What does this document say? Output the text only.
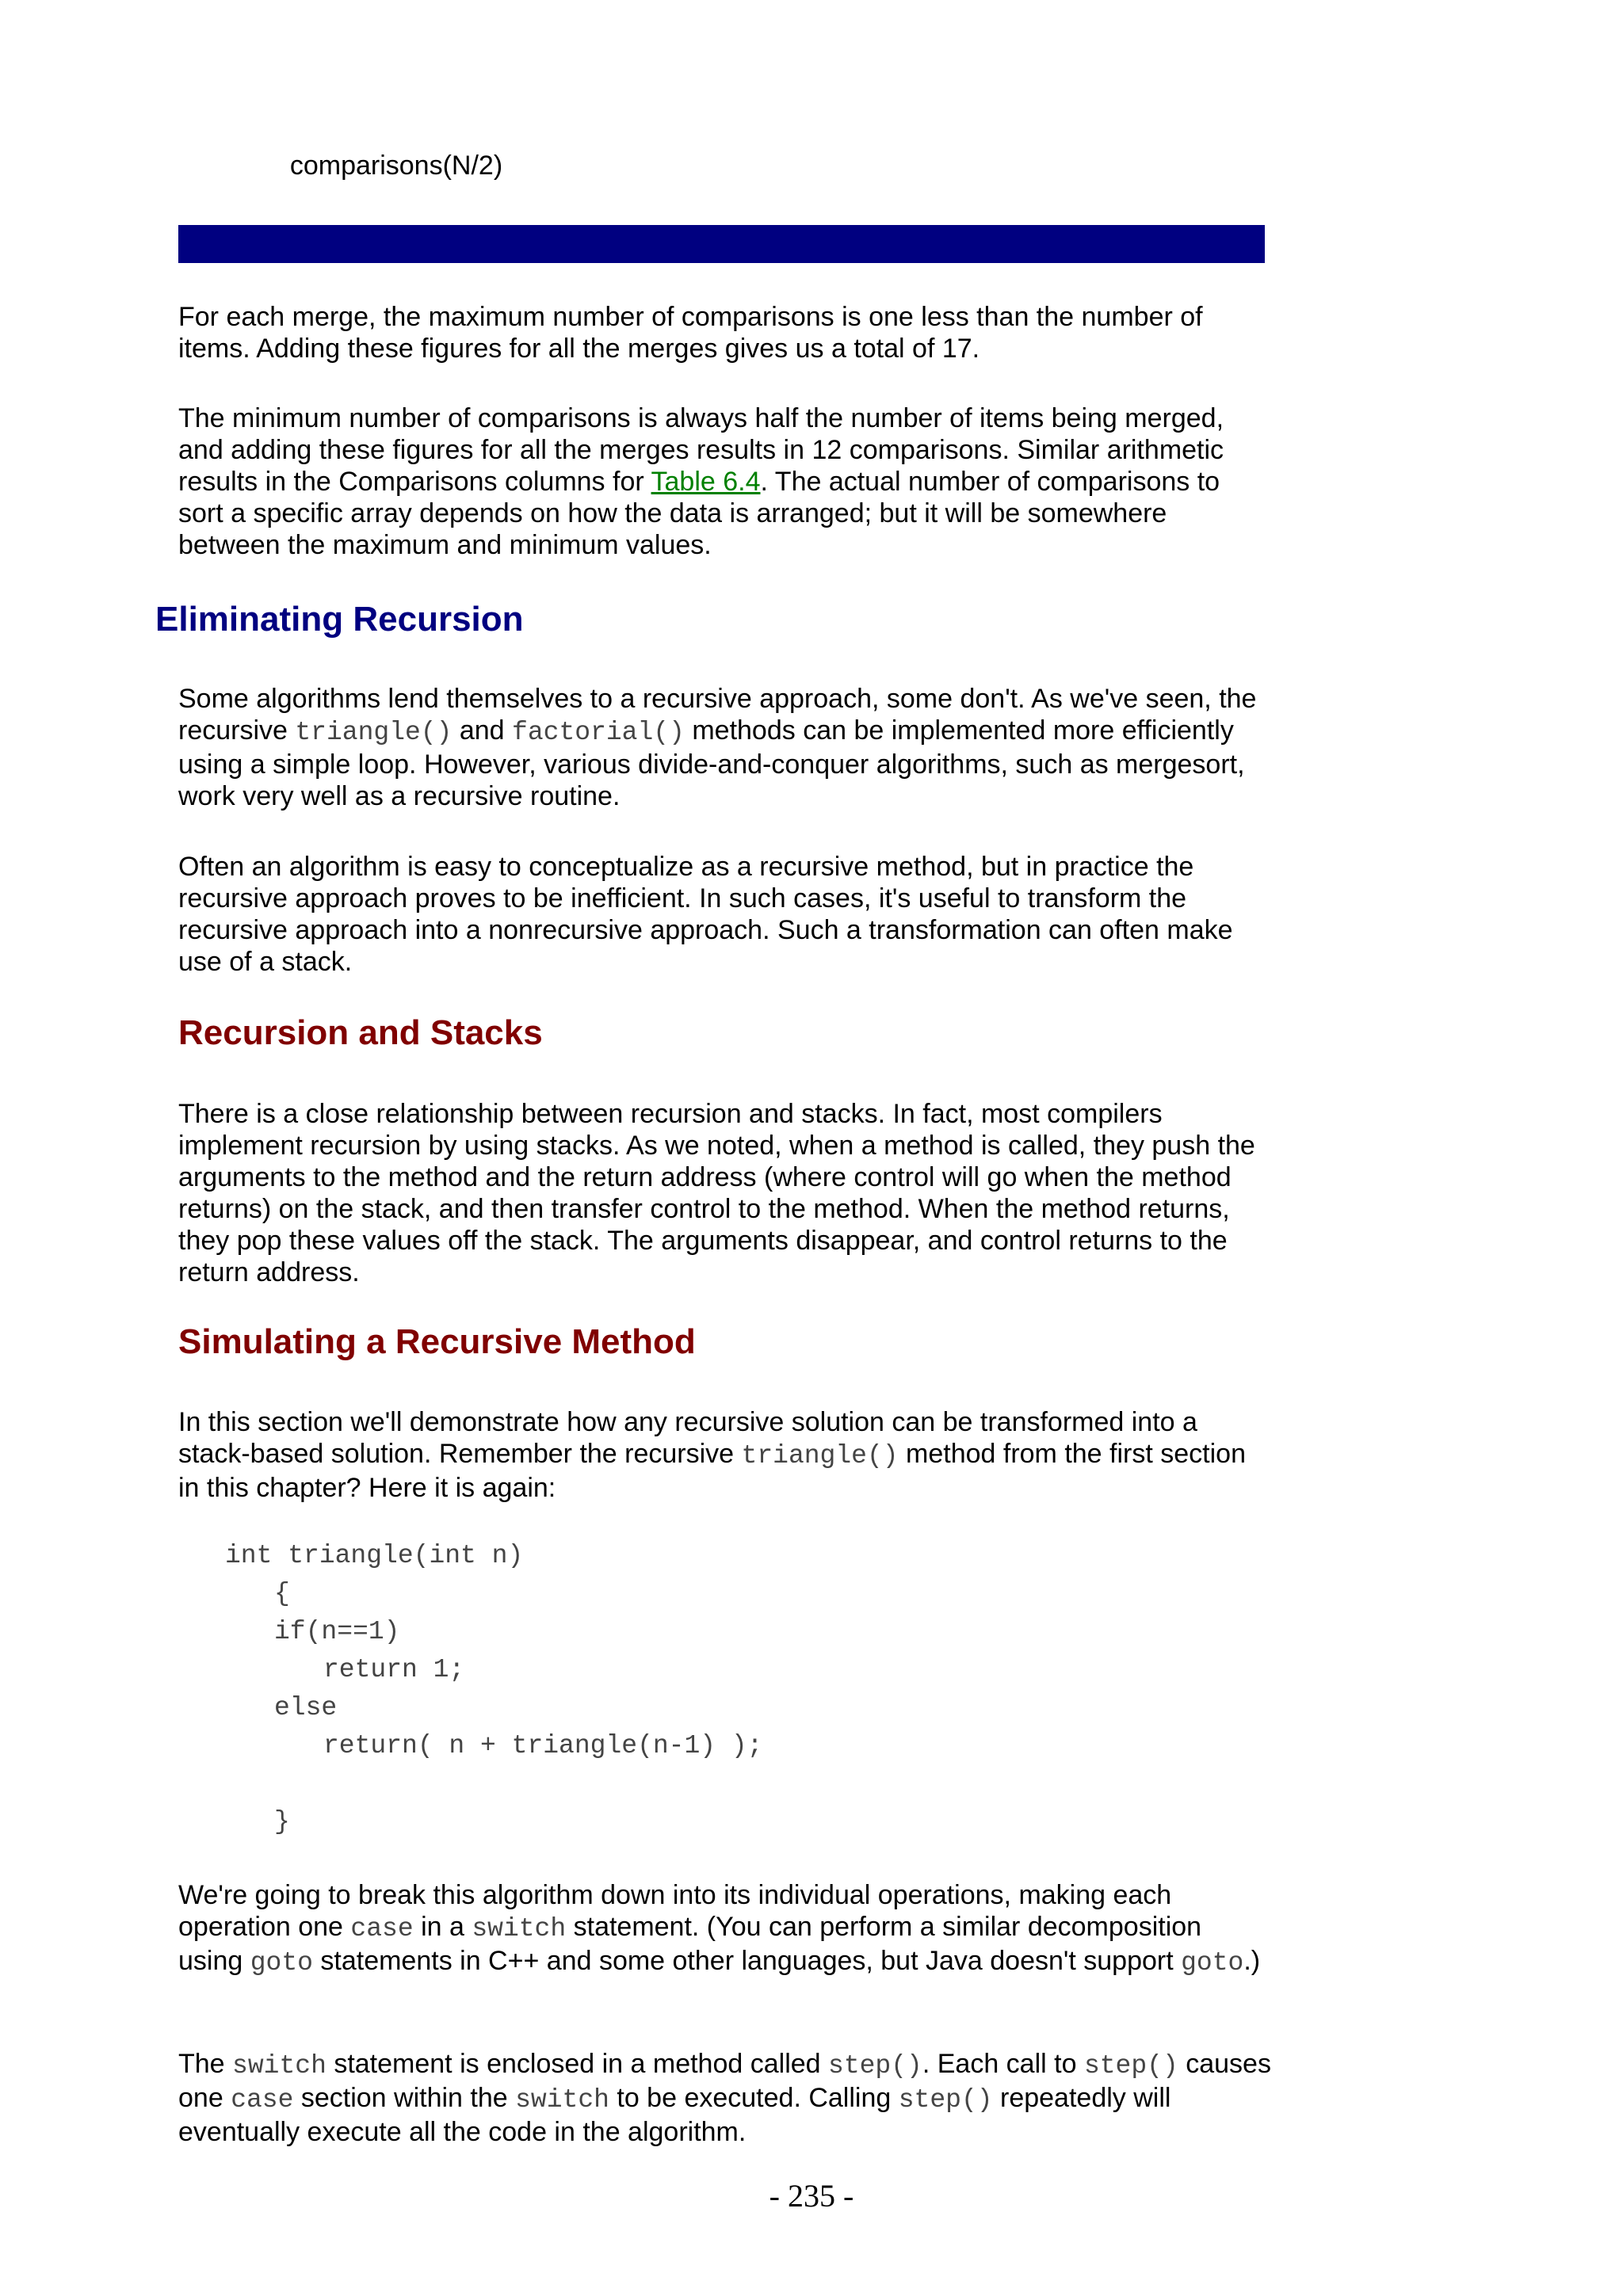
comparisons(N/2)

For each merge, the maximum number of comparisons is one less than the number of items. Adding these figures for all the merges gives us a total of 17.

The minimum number of comparisons is always half the number of items being merged, and adding these figures for all the merges results in 12 comparisons. Similar arithmetic results in the Comparisons columns for Table 6.4. The actual number of comparisons to sort a specific array depends on how the data is arranged; but it will be somewhere between the maximum and minimum values.

Eliminating Recursion

Some algorithms lend themselves to a recursive approach, some don't. As we've seen, the recursive triangle() and factorial() methods can be implemented more efficiently using a simple loop. However, various divide-and-conquer algorithms, such as mergesort, work very well as a recursive routine.

Often an algorithm is easy to conceptualize as a recursive method, but in practice the recursive approach proves to be inefficient. In such cases, it's useful to transform the recursive approach into a nonrecursive approach. Such a transformation can often make use of a stack.

Recursion and Stacks

There is a close relationship between recursion and stacks. In fact, most compilers implement recursion by using stacks. As we noted, when a method is called, they push the arguments to the method and the return address (where control will go when the method returns) on the stack, and then transfer control to the method. When the method returns, they pop these values off the stack. The arguments disappear, and control returns to the return address.

Simulating a Recursive Method

In this section we'll demonstrate how any recursive solution can be transformed into a stack-based solution. Remember the recursive triangle() method from the first section in this chapter? Here it is again:

int triangle(int n)
{
if(n==1)
return 1;
else
return( n + triangle(n-1) );
}

We're going to break this algorithm down into its individual operations, making each operation one case in a switch statement. (You can perform a similar decomposition using goto statements in C++ and some other languages, but Java doesn't support goto.)

The switch statement is enclosed in a method called step(). Each call to step() causes one case section within the switch to be executed. Calling step() repeatedly will eventually execute all the code in the algorithm.

- 235 -
